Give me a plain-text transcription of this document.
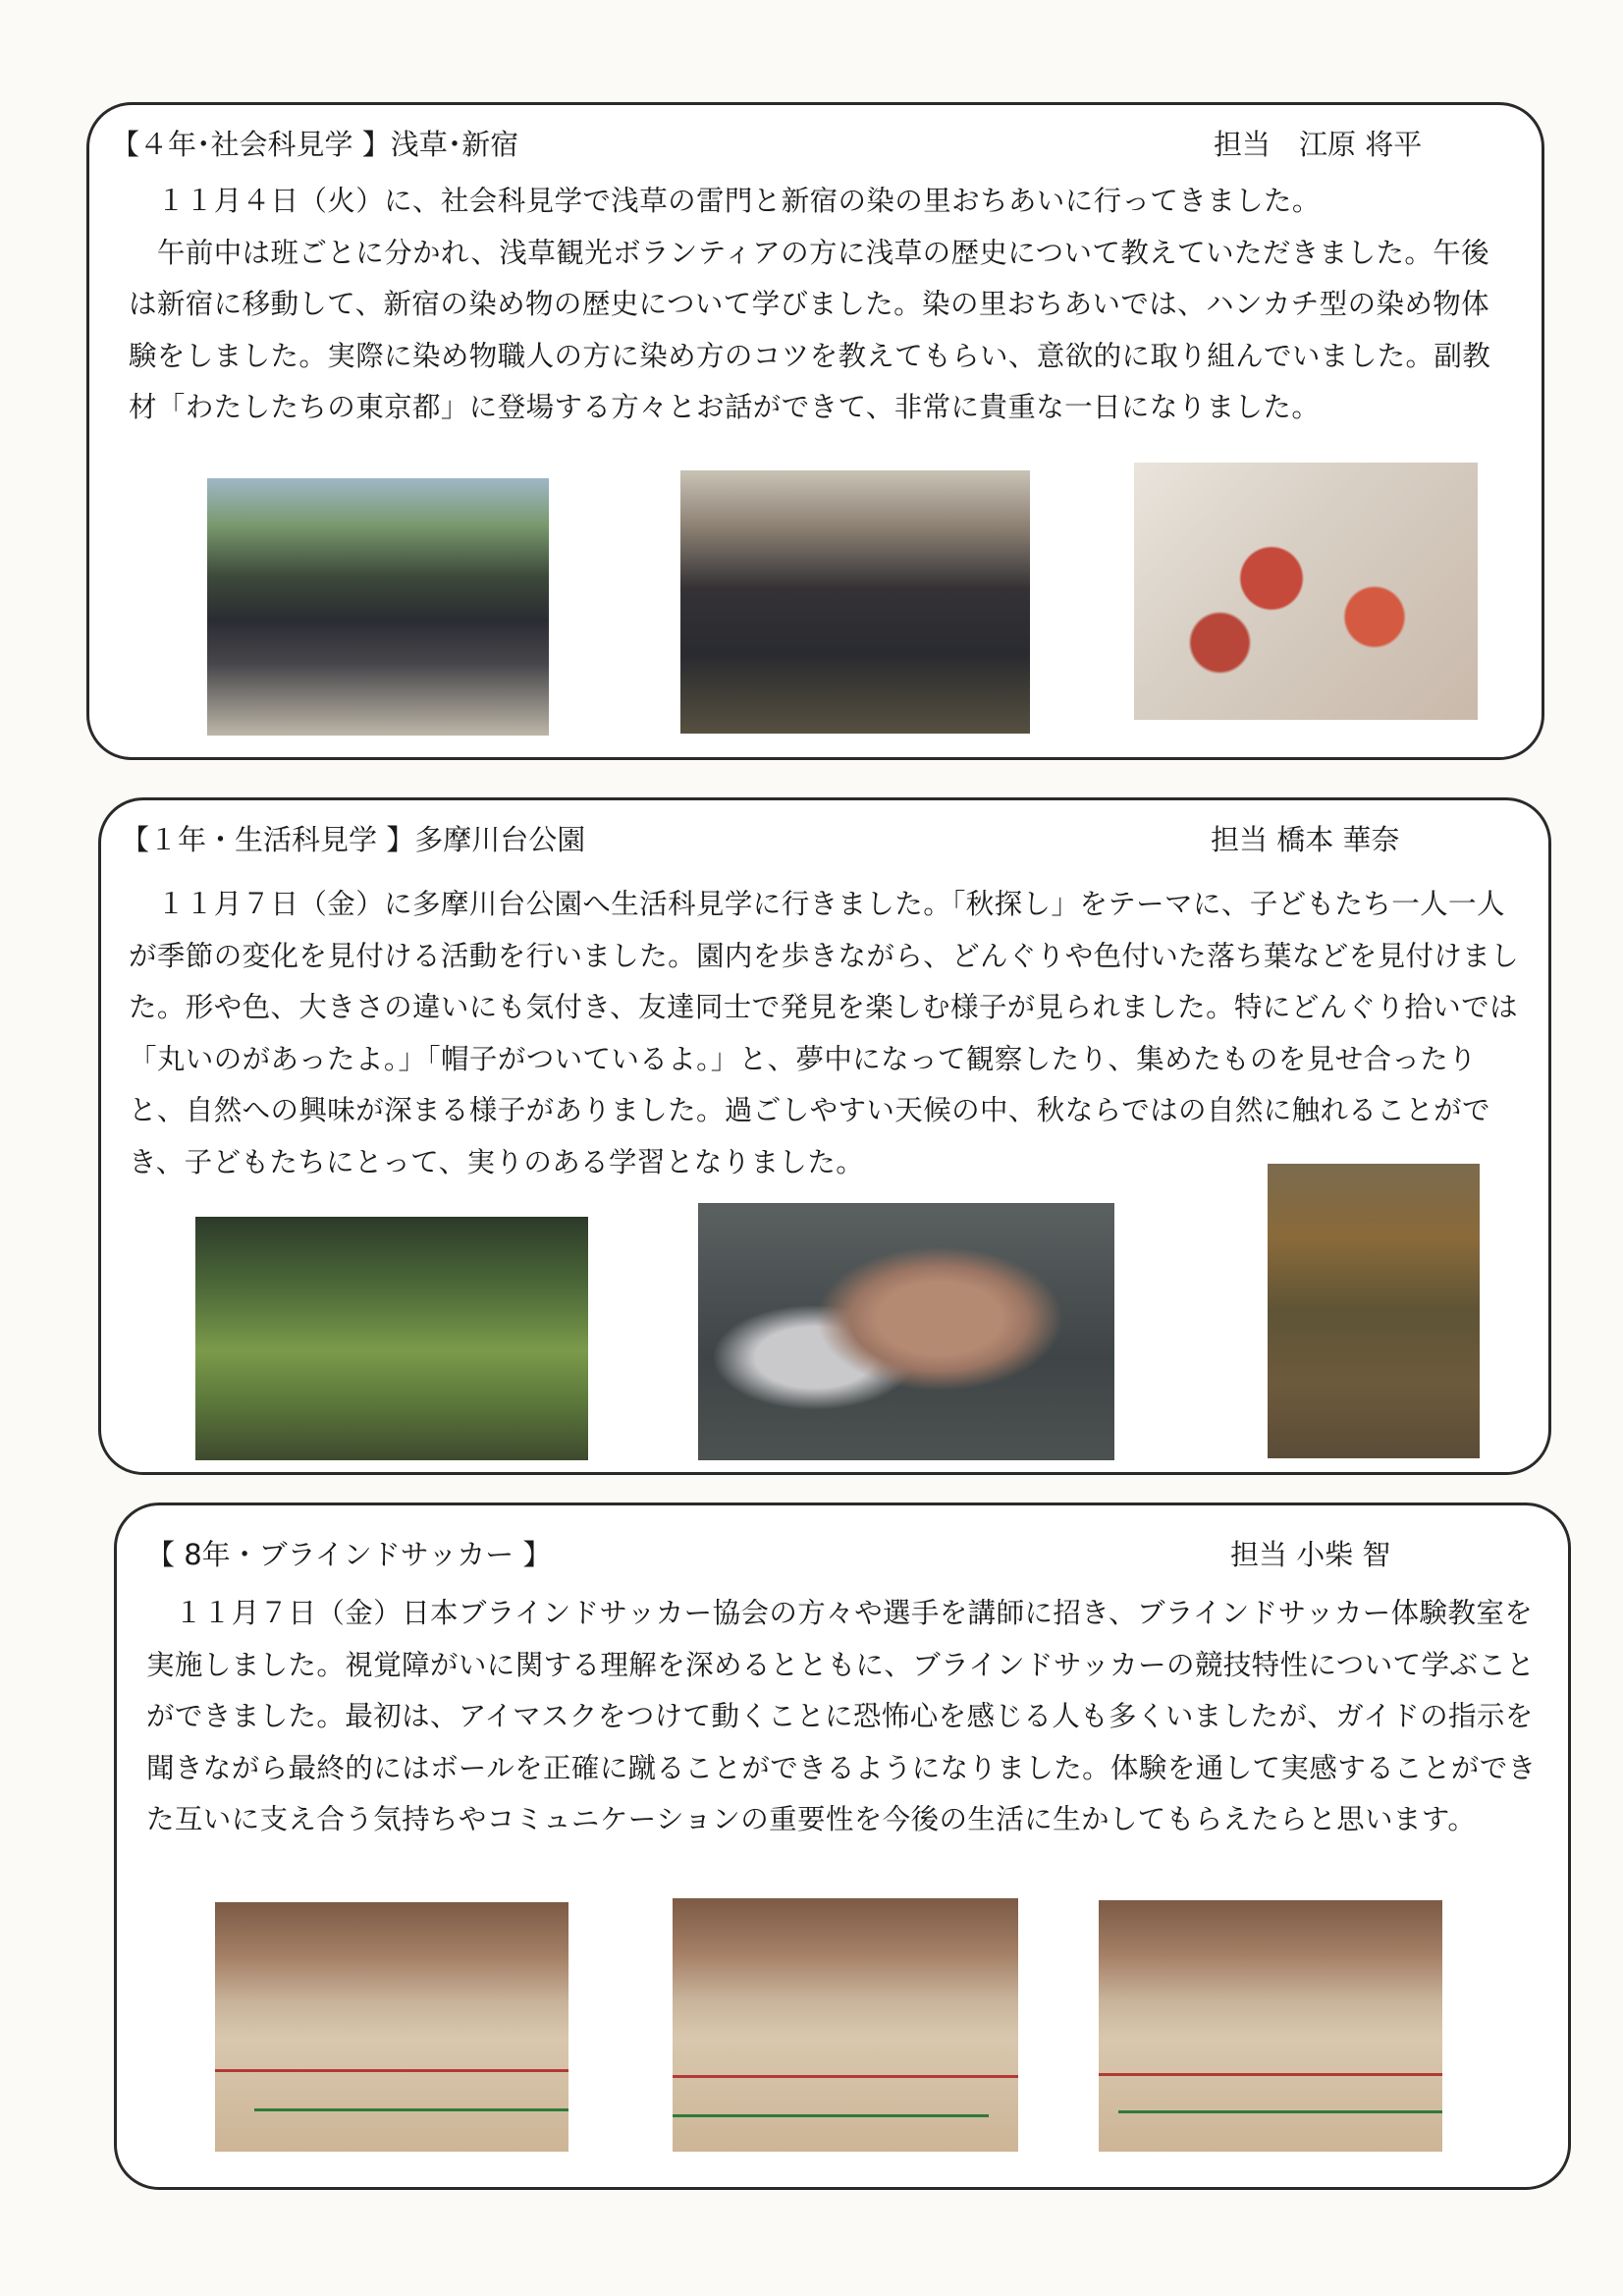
【４年･社会科見学 】浅草･新宿	担当　江原 将平
　１１月４日（火）に、社会科見学で浅草の雷門と新宿の染の里おちあいに行ってきました。
　午前中は班ごとに分かれ、浅草観光ボランティアの方に浅草の歴史について教えていただきました。午後は新宿に移動して、新宿の染め物の歴史について学びました。染の里おちあいでは、ハンカチ型の染め物体験をしました。実際に染め物職人の方に染め方のコツを教えてもらい、意欲的に取り組んでいました。副教材「わたしたちの東京都」に登場する方々とお話ができて、非常に貴重な一日になりました。
【１年・生活科見学 】多摩川台公園	担当 橋本 華奈
　１１月７日（金）に多摩川台公園へ生活科見学に行きました。「秋探し」をテーマに、子どもたち一人一人が季節の変化を見付ける活動を行いました。園内を歩きながら、どんぐりや色付いた落ち葉などを見付けました。形や色、大きさの違いにも気付き、友達同士で発見を楽しむ様子が見られました。特にどんぐり拾いでは「丸いのがあったよ。」「帽子がついているよ。」と、夢中になって観察したり、集めたものを見せ合ったりと、自然への興味が深まる様子がありました。過ごしやすい天候の中、秋ならではの自然に触れることができ、子どもたちにとって、実りのある学習となりました。
【 8年・ブラインドサッカー 】	担当 小柴 智
　１１月７日（金）日本ブラインドサッカー協会の方々や選手を講師に招き、ブラインドサッカー体験教室を実施しました。視覚障がいに関する理解を深めるとともに、ブラインドサッカーの競技特性について学ぶことができました。最初は、アイマスクをつけて動くことに恐怖心を感じる人も多くいましたが、ガイドの指示を聞きながら最終的にはボールを正確に蹴ることができるようになりました。体験を通して実感することができた互いに支え合う気持ちやコミュニケーションの重要性を今後の生活に生かしてもらえたらと思います。
